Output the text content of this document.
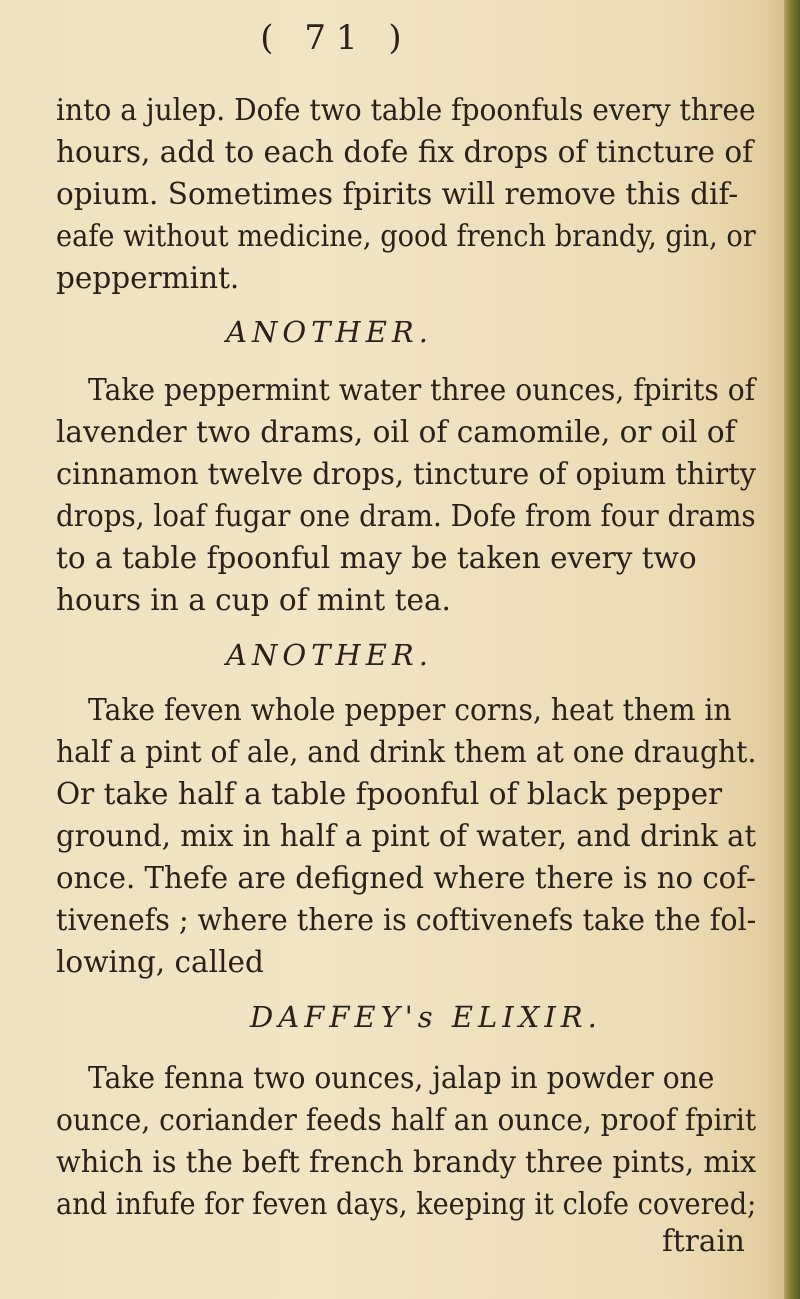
( 71 )
into a julep. Dofe two table fpoonfuls every three
hours, add to each dofe fix drops of tincture of
opium. Sometimes fpirits will remove this dif-
eafe without medicine, good french brandy, gin, or
peppermint.
ANOTHER.
Take peppermint water three ounces, fpirits of
lavender two drams, oil of camomile, or oil of
cinnamon twelve drops, tincture of opium thirty
drops, loaf fugar one dram. Dofe from four drams
to a table fpoonful may be taken every two
hours in a cup of mint tea.
ANOTHER.
Take feven whole pepper corns, heat them in
half a pint of ale, and drink them at one draught.
Or take half a table fpoonful of black pepper
ground, mix in half a pint of water, and drink at
once. Thefe are defigned where there is no cof-
tivenefs ; where there is coftivenefs take the fol-
lowing, called
DAFFEY's ELIXIR.
Take fenna two ounces, jalap in powder one
ounce, coriander feeds half an ounce, proof fpirit
which is the beft french brandy three pints, mix
and infufe for feven days, keeping it clofe covered;
ftrain
